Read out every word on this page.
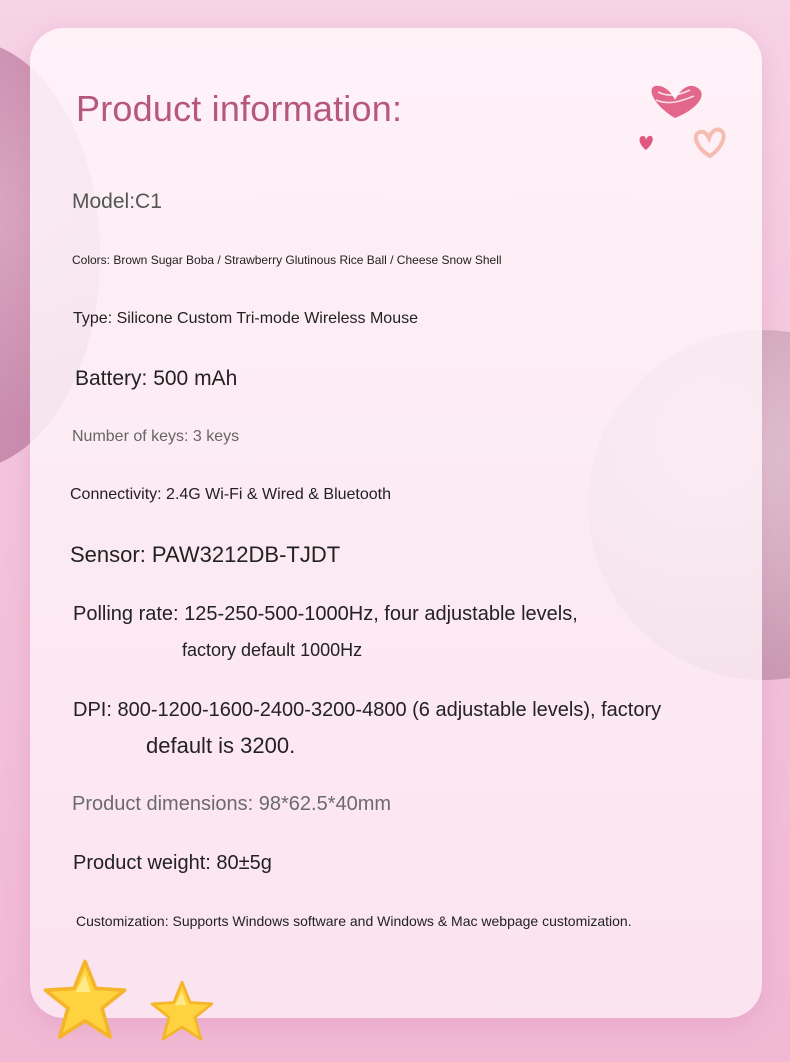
Product information:

Model:C1

Colors: Brown Sugar Boba / Strawberry Glutinous Rice Ball / Cheese Snow Shell

Type: Silicone Custom Tri-mode Wireless Mouse

Battery: 500 mAh

Number of keys: 3 keys

Connectivity: 2.4G Wi-Fi & Wired & Bluetooth

Sensor: PAW3212DB-TJDT

Polling rate: 125-250-500-1000Hz, four adjustable levels,

factory default 1000Hz

DPI: 800-1200-1600-2400-3200-4800 (6 adjustable levels), factory

default is 3200.

Product dimensions: 98*62.5*40mm

Product weight: 80±5g

Customization: Supports Windows software and Windows & Mac webpage customization.
